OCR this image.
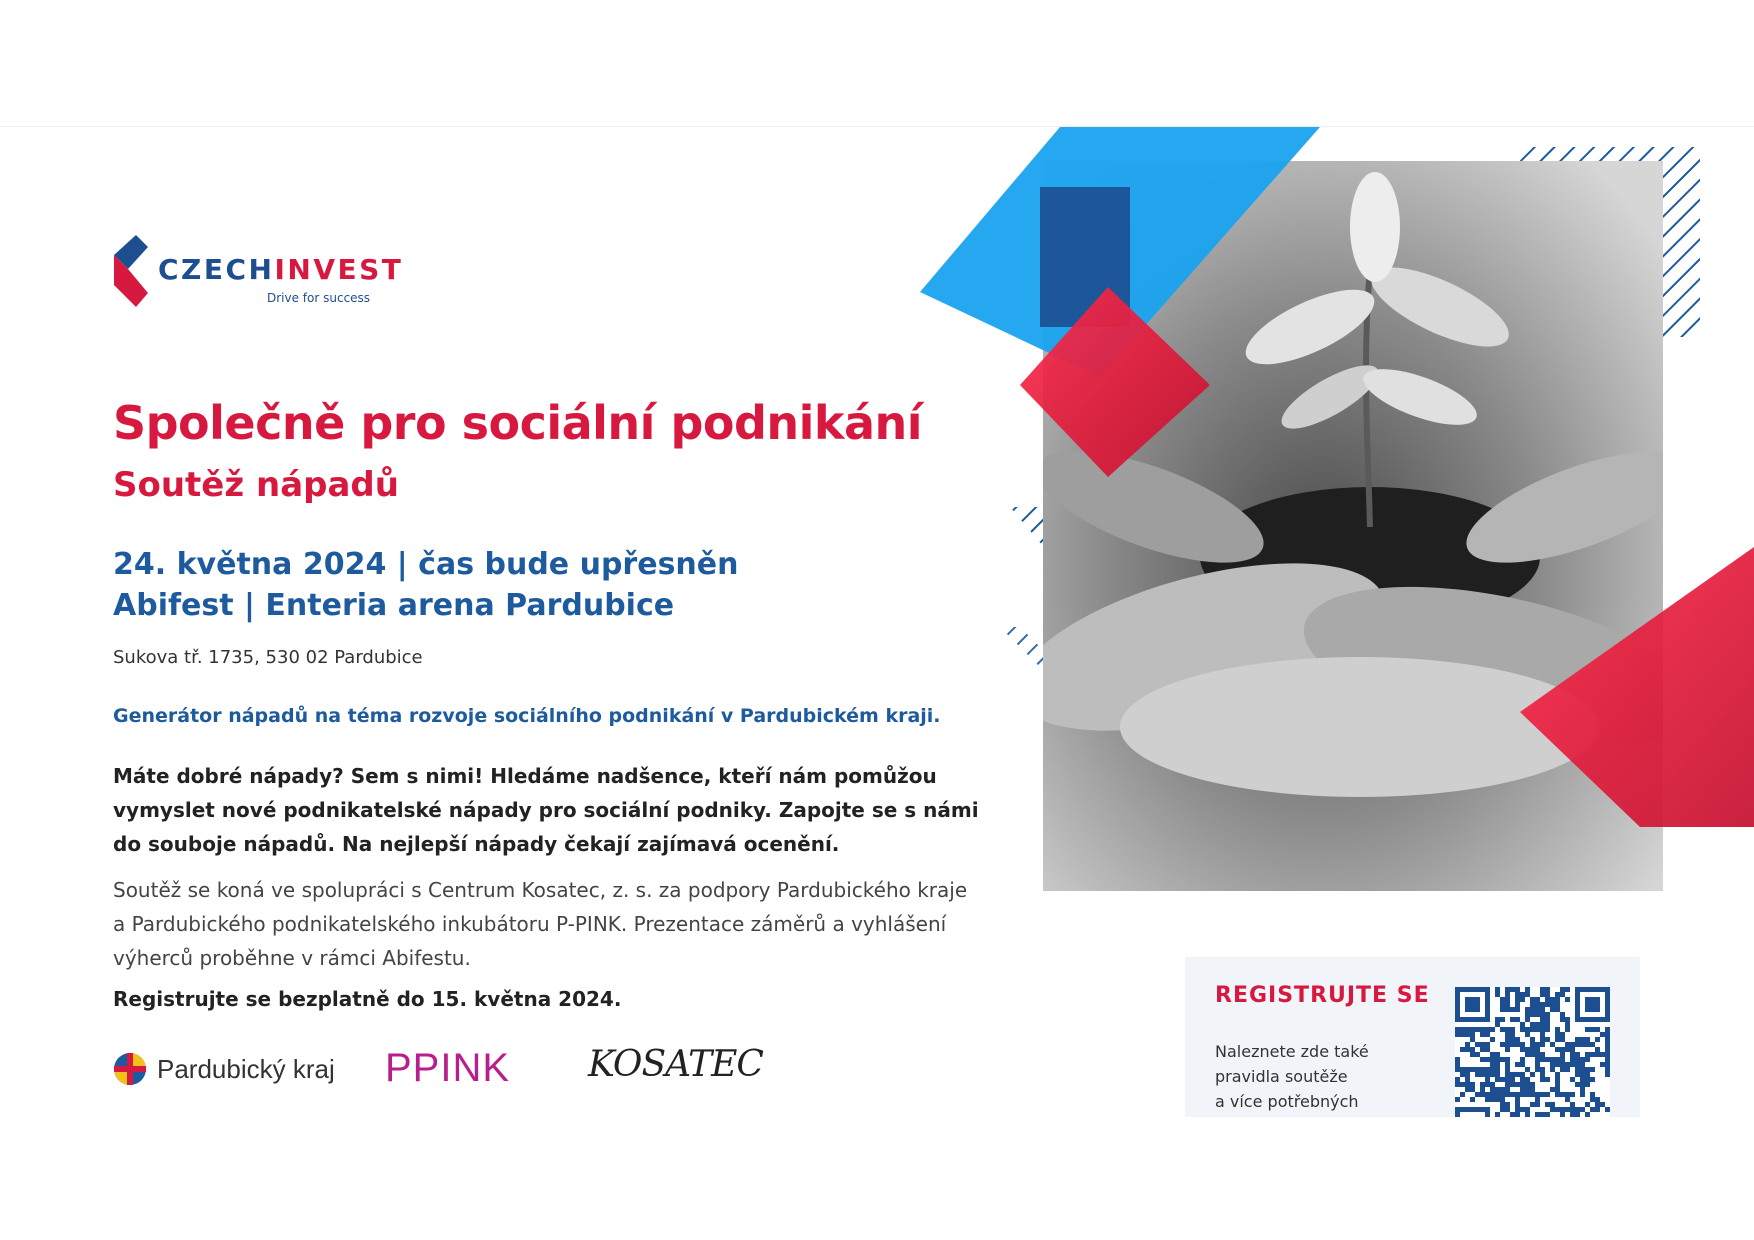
CZECHINVEST
Drive for success
Společně pro sociální podnikání
Soutěž nápadů
24. května 2024 | čas bude upřesněn
Abifest | Enteria arena Pardubice
Sukova tř. 1735, 530 02 Pardubice
Generátor nápadů na téma rozvoje sociálního podnikání v Pardubickém kraji.
Máte dobré nápady? Sem s nimi! Hledáme nadšence, kteří nám pomůžou
vymyslet nové podnikatelské nápady pro sociální podniky. Zapojte se s námi
do souboje nápadů. Na nejlepší nápady čekají zajímavá ocenění.
Soutěž se koná ve spolupráci s Centrum Kosatec, z. s. za podpory Pardubického kraje
a Pardubického podnikatelského inkubátoru P-PINK. Prezentace záměrů a vyhlášení
výherců proběhne v rámci Abifestu.
Registrujte se bezplatně do 15. května 2024.
Pardubický kraj PPINK KOSATEC
REGISTRUJTE SE
Naleznete zde také
pravidla soutěže
a více potřebných
